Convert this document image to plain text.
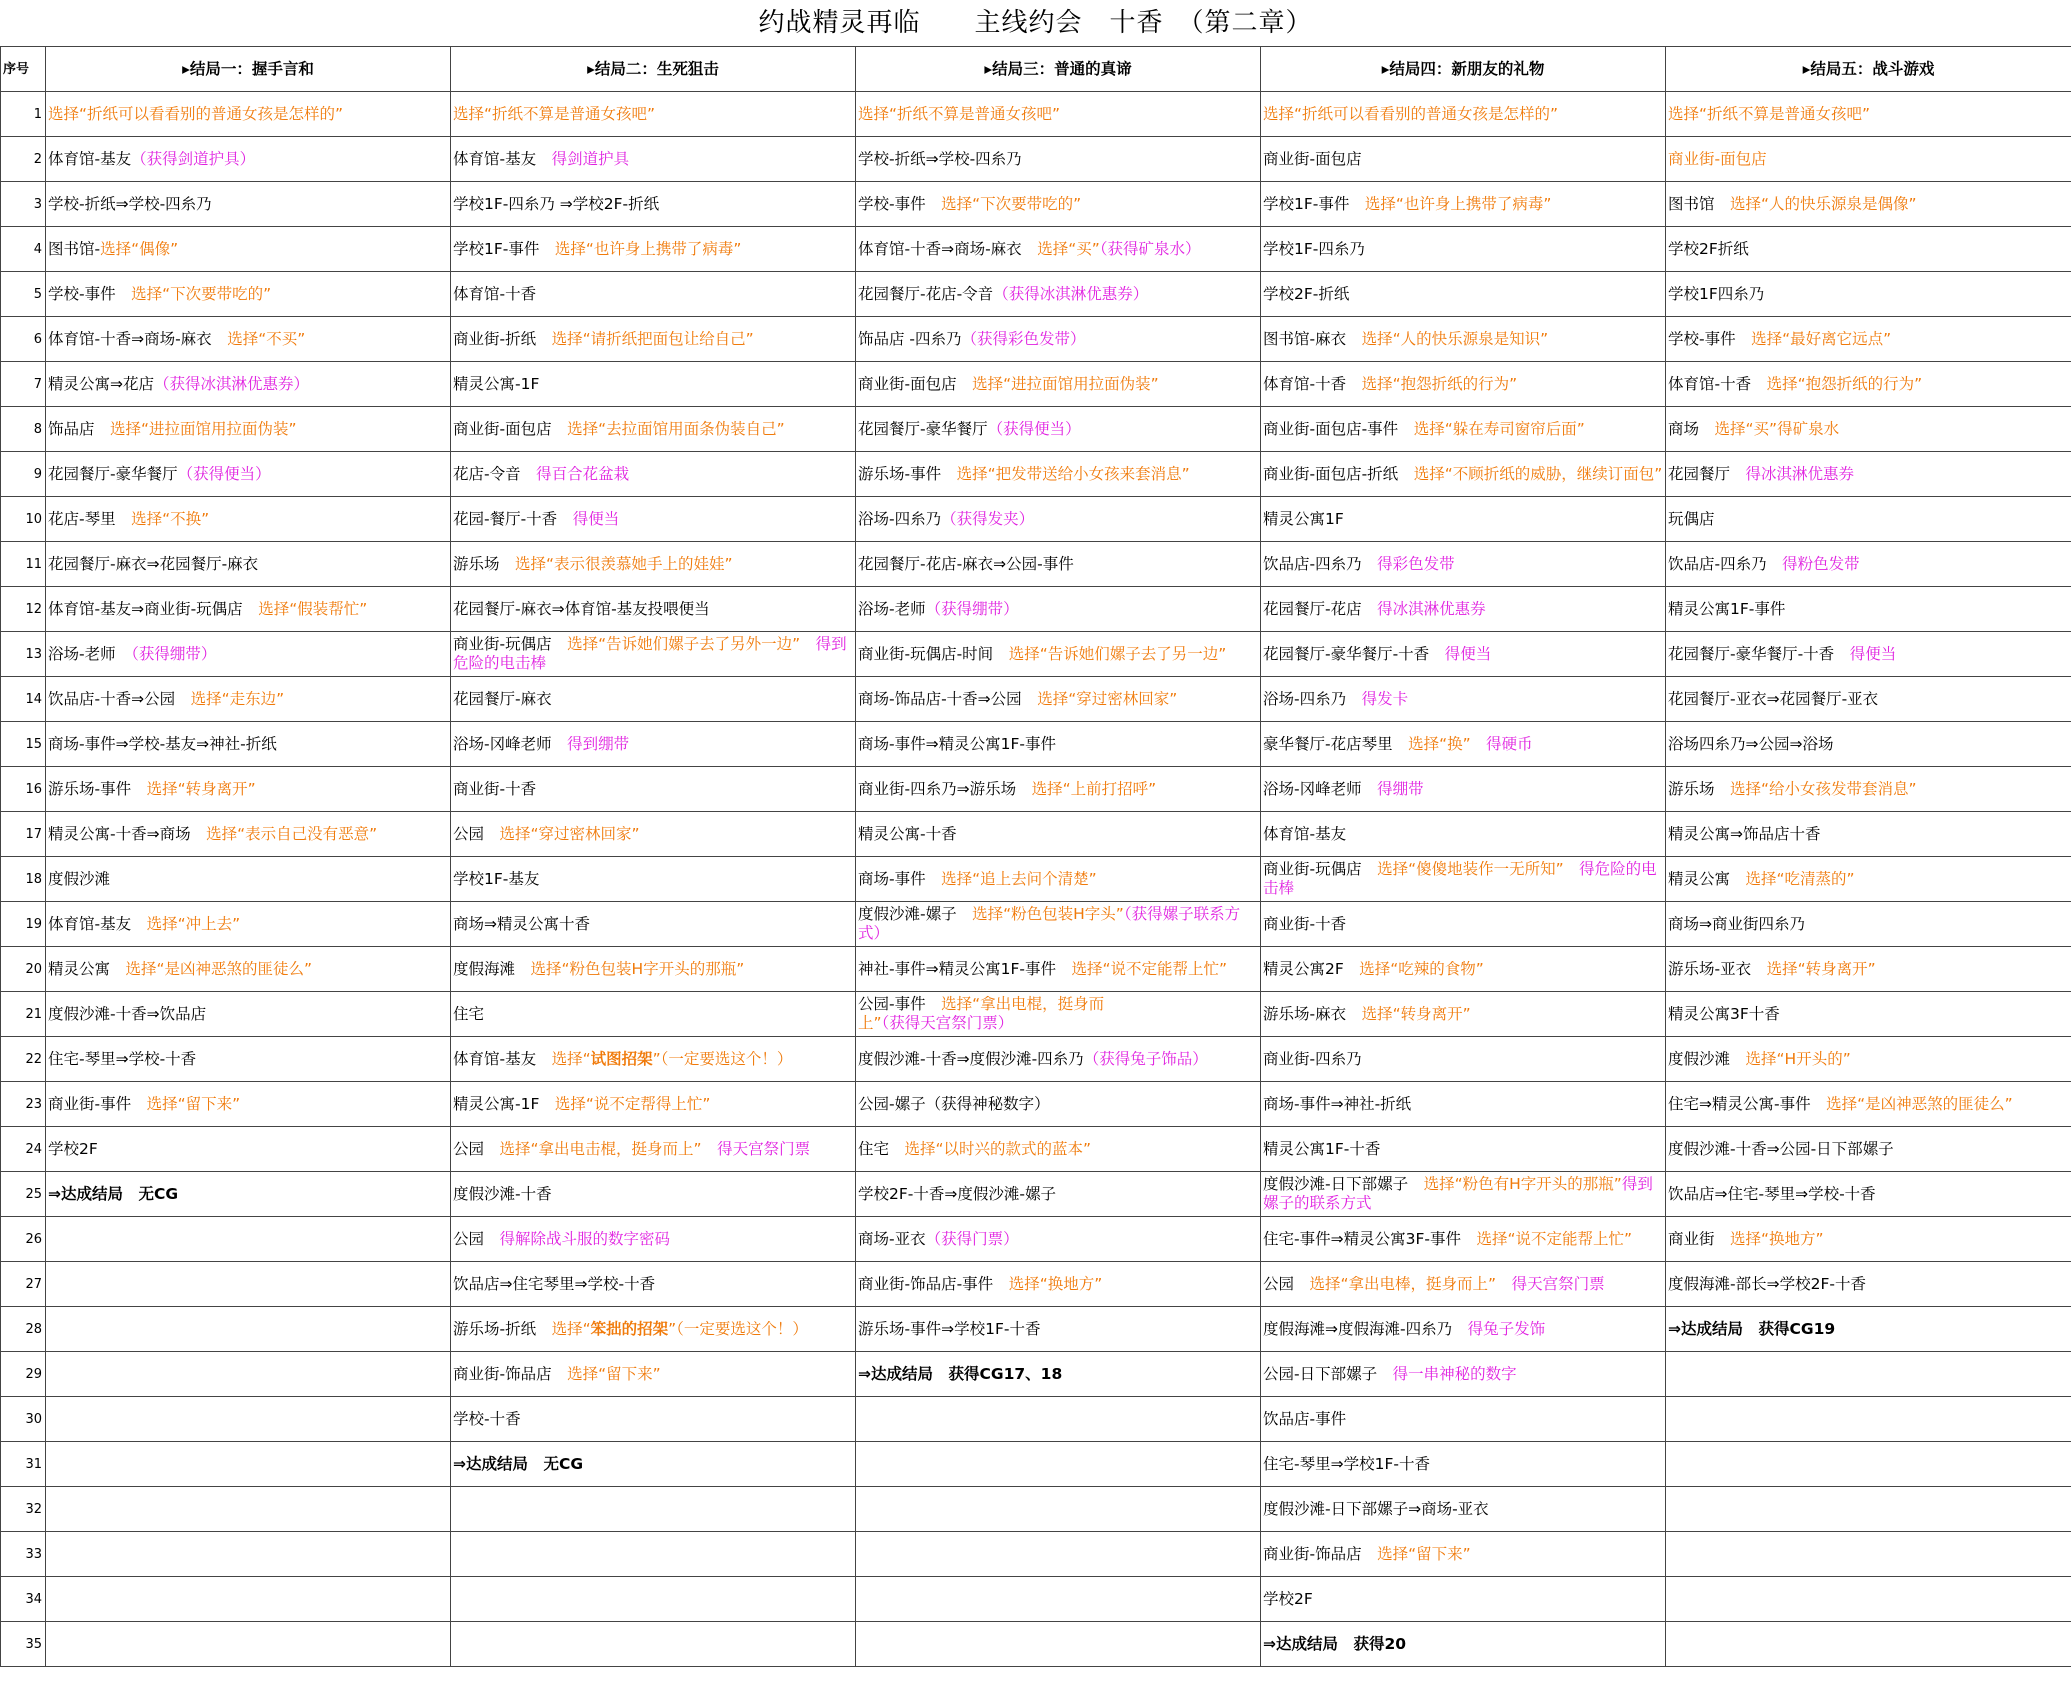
约战精灵再临　　主线约会　十香　（第二章）
序号	▸结局一：握手言和	▸结局二：生死狙击	▸结局三：普通的真谛	▸结局四：新朋友的礼物	▸结局五：战斗游戏
1	选择“折纸可以看看别的普通女孩是怎样的”	选择“折纸不算是普通女孩吧”	选择“折纸不算是普通女孩吧”	选择“折纸可以看看别的普通女孩是怎样的”	选择“折纸不算是普通女孩吧”
2	体育馆-基友（获得剑道护具）	体育馆-基友　得剑道护具	学校-折纸⇒学校-四糸乃	商业街-面包店	商业街-面包店
3	学校-折纸⇒学校-四糸乃	学校1F-四糸乃 ⇒学校2F-折纸	学校-事件　选择“下次要带吃的”	学校1F-事件　选择“也许身上携带了病毒”	图书馆　选择“人的快乐源泉是偶像”
4	图书馆-选择“偶像”	学校1F-事件　选择“也许身上携带了病毒”	体育馆-十香⇒商场-麻衣　选择“买”（获得矿泉水）	学校1F-四糸乃	学校2F折纸
5	学校-事件　选择“下次要带吃的”	体育馆-十香	花园餐厅-花店-令音（获得冰淇淋优惠券）	学校2F-折纸	学校1F四糸乃
6	体育馆-十香⇒商场-麻衣　选择“不买”	商业街-折纸　选择“请折纸把面包让给自己”	饰品店 -四糸乃（获得彩色发带）	图书馆-麻衣　选择“人的快乐源泉是知识”	学校-事件　选择“最好离它远点”
7	精灵公寓⇒花店（获得冰淇淋优惠券）	精灵公寓-1F	商业街-面包店　选择“进拉面馆用拉面伪装”	体育馆-十香　选择“抱怨折纸的行为”	体育馆-十香　选择“抱怨折纸的行为”
8	饰品店　选择“进拉面馆用拉面伪装”	商业街-面包店　选择“去拉面馆用面条伪装自己”	花园餐厅-豪华餐厅（获得便当）	商业街-面包店-事件　选择“躲在寿司窗帘后面”	商场　选择“买”得矿泉水
9	花园餐厅-豪华餐厅（获得便当）	花店-令音　得百合花盆栽	游乐场-事件　选择“把发带送给小女孩来套消息”	商业街-面包店-折纸　选择“不顾折纸的威胁，继续订面包”	花园餐厅　得冰淇淋优惠券
10	花店-琴里　选择“不换”	花园-餐厅-十香　得便当	浴场-四糸乃（获得发夹）	精灵公寓1F	玩偶店
11	花园餐厅-麻衣⇒花园餐厅-麻衣	游乐场　选择“表示很羡慕她手上的娃娃”	花园餐厅-花店-麻衣⇒公园-事件	饮品店-四糸乃　得彩色发带	饮品店-四糸乃　得粉色发带
12	体育馆-基友⇒商业街-玩偶店　选择“假装帮忙”	花园餐厅-麻衣⇒体育馆-基友投喂便当	浴场-老师（获得绷带）	花园餐厅-花店　得冰淇淋优惠券	精灵公寓1F-事件
13	浴场-老师　（获得绷带）	商业街-玩偶店　选择“告诉她们嫘子去了另外一边”　得到危险的电击棒	商业街-玩偶店-时间　选择“告诉她们嫘子去了另一边”	花园餐厅-豪华餐厅-十香　得便当	花园餐厅-豪华餐厅-十香　得便当
14	饮品店-十香⇒公园　选择“走东边”	花园餐厅-麻衣	商场-饰品店-十香⇒公园　选择“穿过密林回家”	浴场-四糸乃　得发卡	花园餐厅-亚衣⇒花园餐厅-亚衣
15	商场-事件⇒学校-基友⇒神社-折纸	浴场-冈峰老师　得到绷带	商场-事件⇒精灵公寓1F-事件	豪华餐厅-花店琴里　选择“换”　得硬币	浴场四糸乃⇒公园⇒浴场
16	游乐场-事件　选择“转身离开”	商业街-十香	商业街-四糸乃⇒游乐场　选择“上前打招呼”	浴场-冈峰老师　得绷带	游乐场　选择“给小女孩发带套消息”
17	精灵公寓-十香⇒商场　选择“表示自己没有恶意”	公园　选择“穿过密林回家”	精灵公寓-十香	体育馆-基友	精灵公寓⇒饰品店十香
18	度假沙滩	学校1F-基友	商场-事件　选择“追上去问个清楚”	商业街-玩偶店　选择“傻傻地装作一无所知”　得危险的电击棒	精灵公寓　选择“吃清蒸的”
19	体育馆-基友　选择“冲上去”	商场⇒精灵公寓十香	度假沙滩-嫘子　选择“粉色包装H字头”（获得嫘子联系方式）	商业街-十香	商场⇒商业街四糸乃
20	精灵公寓　选择“是凶神恶煞的匪徒么”	度假海滩　选择“粉色包装H字开头的那瓶”	神社-事件⇒精灵公寓1F-事件　选择“说不定能帮上忙”	精灵公寓2F　选择“吃辣的食物”	游乐场-亚衣　选择“转身离开”
21	度假沙滩-十香⇒饮品店	住宅	公园-事件　选择“拿出电棍，挺身而上”（获得天宫祭门票）	游乐场-麻衣　选择“转身离开”	精灵公寓3F十香
22	住宅-琴里⇒学校-十香	体育馆-基友　选择“试图招架”（一定要选这个！）	度假沙滩-十香⇒度假沙滩-四糸乃（获得兔子饰品）	商业街-四糸乃	度假沙滩　选择“H开头的”
23	商业街-事件　选择“留下来”	精灵公寓-1F　选择“说不定帮得上忙”	公园-嫘子（获得神秘数字）	商场-事件⇒神社-折纸	住宅⇒精灵公寓-事件　选择“是凶神恶煞的匪徒么”
24	学校2F	公园　选择“拿出电击棍，挺身而上”　得天宫祭门票	住宅　选择“以时兴的款式的蓝本”	精灵公寓1F-十香	度假沙滩-十香⇒公园-日下部嫘子
25	⇒达成结局　无CG	度假沙滩-十香	学校2F-十香⇒度假沙滩-嫘子	度假沙滩-日下部嫘子　选择“粉色有H字开头的那瓶”得到嫘子的联系方式	饮品店⇒住宅-琴里⇒学校-十香
26		公园　得解除战斗服的数字密码	商场-亚衣（获得门票）	住宅-事件⇒精灵公寓3F-事件　选择“说不定能帮上忙”	商业街　选择“换地方”
27		饮品店⇒住宅琴里⇒学校-十香	商业街-饰品店-事件　选择“换地方”	公园　选择“拿出电棒，挺身而上”　得天宫祭门票	度假海滩-部长⇒学校2F-十香
28		游乐场-折纸　选择“笨拙的招架”（一定要选这个！）	游乐场-事件⇒学校1F-十香	度假海滩⇒度假海滩-四糸乃　得兔子发饰	⇒达成结局　获得CG19
29		商业街-饰品店　选择“留下来”	⇒达成结局　获得CG17、18	公园-日下部嫘子　得一串神秘的数字	
30		学校-十香		饮品店-事件	
31		⇒达成结局　无CG		住宅-琴里⇒学校1F-十香	
32				度假沙滩-日下部嫘子⇒商场-亚衣	
33				商业街-饰品店　选择“留下来”	
34				学校2F	
35				⇒达成结局　获得20	
